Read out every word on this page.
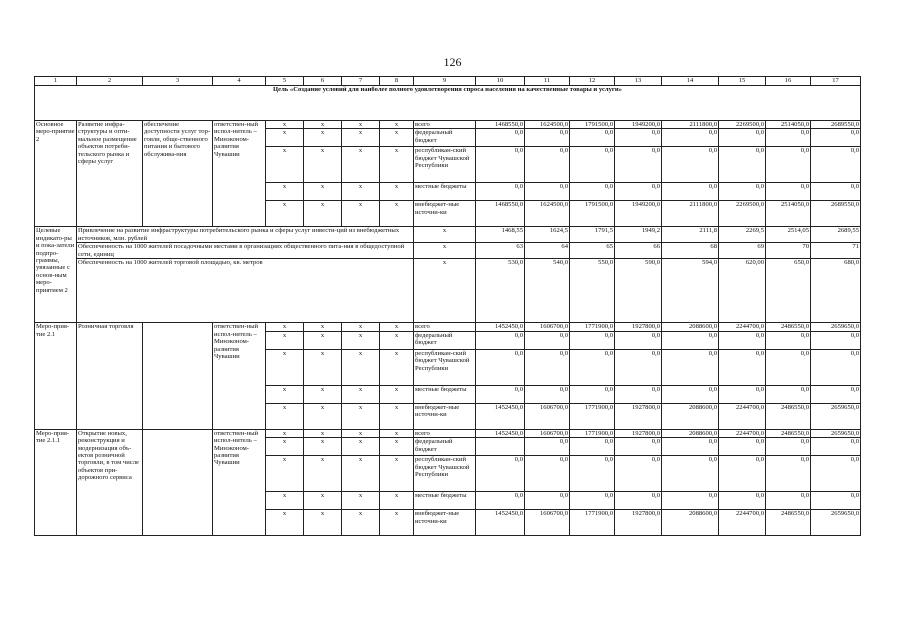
126
1	2	3	4	5	6	7	8	9	10	11	12	13	14	15	16	17
Цель «Создание условий для наиболее полного удовлетворения спроса населения на качественные товары и услуги»																
Основное меро-приятие 2	Развитие инфра-структуры и опти-мальное размещение объектов потреби-тельского рынка и сферы услуг	обеспечение доступности услуг тор-говли, обще-ственного питания и бытового обслужива-ния	ответствен-ный испол-нитель – Минэконом-развития Чувашии	x	x	x	x	всего	1468550,0	1624500,0	1791500,0	1949200,0	2111800,0	2269500,0	2514050,0	2689550,0
				x	x	x	x	федеральный бюджет	0,0	0,0	0,0	0,0	0,0	0,0	0,0	0,0
				x	x	x	x	республикан-ский бюджет Чувашской Республики	0,0	0,0	0,0	0,0	0,0	0,0	0,0	0,0
				x	x	x	x	местные бюджеты	0,0	0,0	0,0	0,0	0,0	0,0	0,0	0,0
				x	x	x	x	внебюджет-ные источни-ки	1468550,0	1624500,0	1791500,0	1949200,0	2111800,0	2269500,0	2514050,0	2689550,0
Целевые индикато-ры и пока-затели подпро-граммы, увязанные с основ-ным меро-приятием 2	Привлечение на развитие инфраструктуры потребительского рынка и сферы услуг инвести-ций из внебюджетных источников, млн. рублей							x	1468,55	1624,5	1791,5	1949,2	2111,8	2269,5	2514,05	2689,55
	Обеспеченность на 1000 жителей посадочными местами в организациях общественного пита-ния в общедоступной сети, единиц							x	63	64	65	66	68	69	70	71
	Обеспеченность на 1000 жителей торговой площадью, кв. метров							x	530,0	540,0	550,0	590,0	594,0	620,00	650,0	680,0
Меро-прия-тие 2.1	Розничная торговля		ответствен-ный испол-нитель – Минэконом-развития Чувашии	x	x	x	x	всего	1452450,0	1606700,0	1771900,0	1927800,0	2088600,0	2244700,0	2486550,0	2659650,0
				x	x	x	x	федеральный бюджет	0,0	0,0	0,0	0,0	0,0	0,0	0,0	0,0
				x	x	x	x	республикан-ский бюджет Чувашской Республики	0,0	0,0	0,0	0,0	0,0	0,0	0,0	0,0
				x	x	x	x	местные бюджеты	0,0	0,0	0,0	0,0	0,0	0,0	0,0	0,0
				x	x	x	x	внебюджет-ные источни-ки	1452450,0	1606700,0	1771900,0	1927800,0	2088600,0	2244700,0	2486550,0	2659650,0
Меро-прия-тие 2.1.1	Открытие новых, реконструкция и модернизация объ-ектов розничной торговли, в том числе объектов при-дорожного сервиса		ответствен-ный испол-нитель – Минэконом-развития Чувашии	x	x	x	x	всего	1452450,0	1606700,0	1771900,0	1927800,0	2088600,0	2244700,0	2486550,0	2659650,0
				x	x	x	x	федеральный бюджет		0,0	0,0	0,0	0,0	0,0	0,0	0,0
				x	x	x	x	республикан-ский бюджет Чувашской Республики	0,0	0,0	0,0	0,0	0,0	0,0	0,0	0,0
				x	x	x	x	местные бюджеты	0,0	0,0	0,0	0,0	0,0	0,0	0,0	0,0
				x	x	x	x	внебюджет-ные источни-ки	1452450,0	1606700,0	1771900,0	1927800,0	2088600,0	2244700,0	2486550,0	2659650,0
